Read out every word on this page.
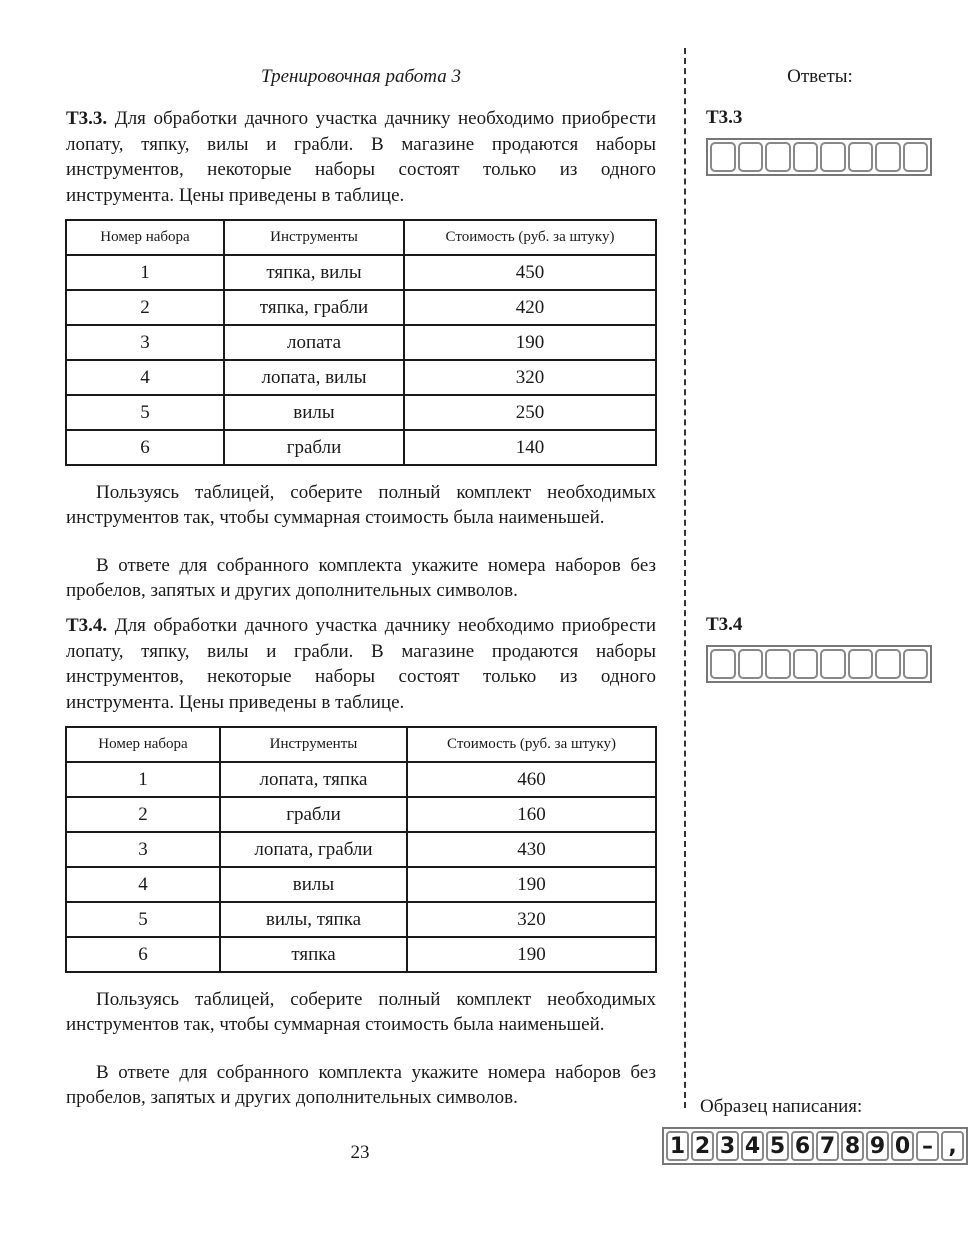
Тренировочная работа 3	Ответы:
Т3.3. Для обработки дачного участка дачнику необходимо приобрести лопату, тяпку, вилы и грабли. В магазине продаются наборы инструментов, некоторые наборы состоят только из одного инструмента. Цены приведены в таблице.
Номер набора	Инструменты	Стоимость (руб. за штуку)
1	тяпка, вилы	450
2	тяпка, грабли	420
3	лопата	190
4	лопата, вилы	320
5	вилы	250
6	грабли	140
Пользуясь таблицей, соберите полный комплект необходимых инструментов так, чтобы суммарная стоимость была наименьшей.
В ответе для собранного комплекта укажите номера наборов без пробелов, запятых и других дополнительных символов.
Т3.4. Для обработки дачного участка дачнику необходимо приобрести лопату, тяпку, вилы и грабли. В магазине продаются наборы инструментов, некоторые наборы состоят только из одного инструмента. Цены приведены в таблице.
Номер набора	Инструменты	Стоимость (руб. за штуку)
1	лопата, тяпка	460
2	грабли	160
3	лопата, грабли	430
4	вилы	190
5	вилы, тяпка	320
6	тяпка	190
Пользуясь таблицей, соберите полный комплект необходимых инструментов так, чтобы суммарная стоимость была наименьшей.
В ответе для собранного комплекта укажите номера наборов без пробелов, запятых и других дополнительных символов.
Т3.3
Т3.4
Образец написания:
1 2 3 4 5 6 7 8 9 0 – ,
23
